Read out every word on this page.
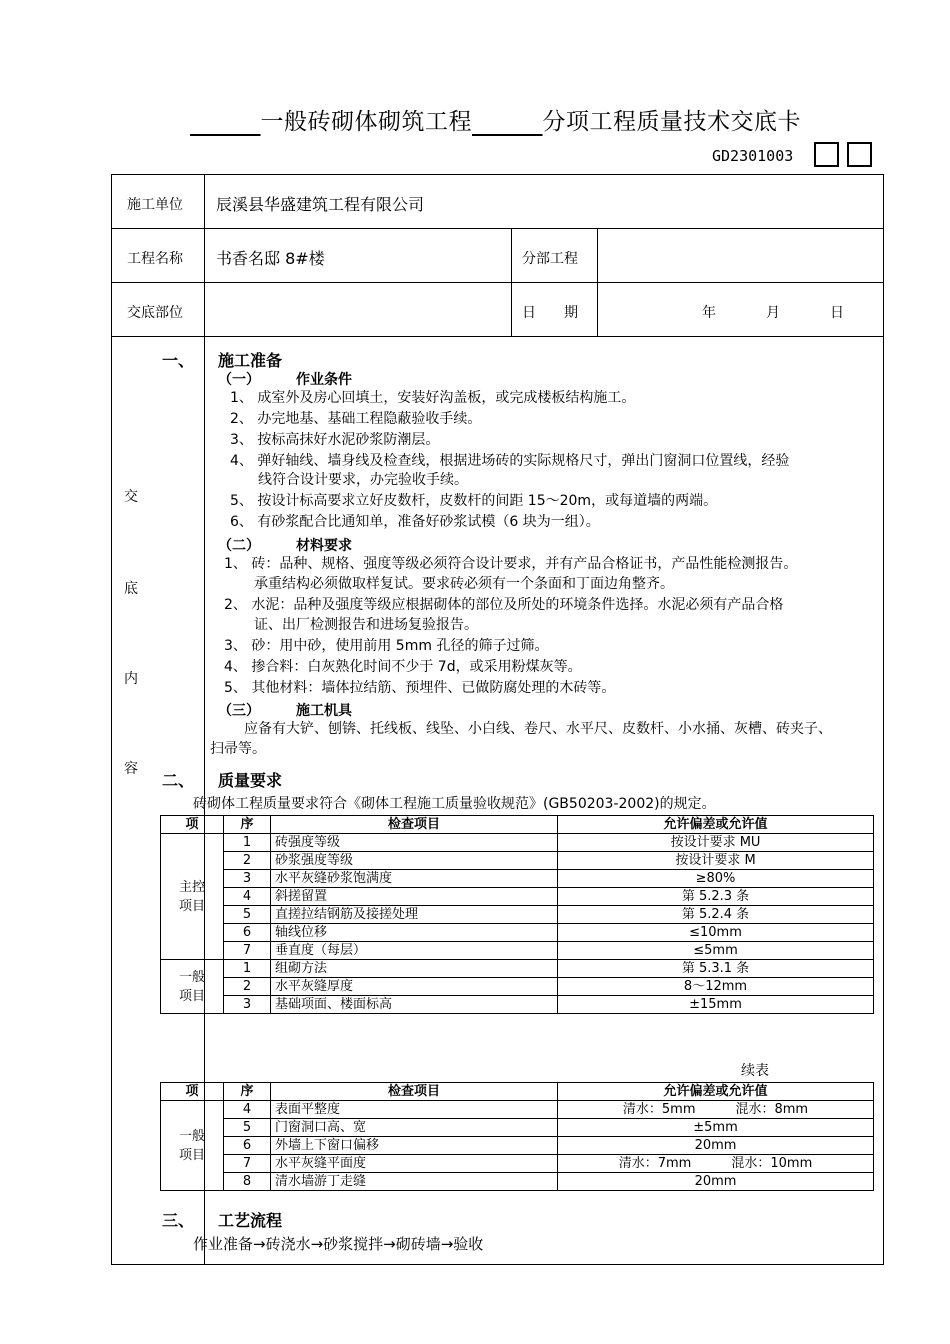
　　　一般砖砌体砌筑工程　　　	分项工程质量技术交底卡
GD2301003
施工单位 辰溪县华盛建筑工程有限公司
工程名称 书香名邸 8#楼	分部工程
交底部位	日　　期	年	月	日
交
底
内
容
一、 施工准备
（一）	作业条件
1、 成室外及房心回填土，安装好沟盖板，或完成楼板结构施工。
2、 办完地基、基础工程隐蔽验收手续。
3、 按标高抹好水泥砂浆防潮层。
4、 弹好轴线、墙身线及检查线，根据进场砖的实际规格尺寸，弹出门窗洞口位置线，经验
线符合设计要求，办完验收手续。
5、 按设计标高要求立好皮数杆，皮数杆的间距 15～20m，或每道墙的两端。
6、 有砂浆配合比通知单，准备好砂浆试模（6 块为一组）。
（二）	材料要求
1、 砖：品种、规格、强度等级必须符合设计要求，并有产品合格证书，产品性能检测报告。
承重结构必须做取样复试。要求砖必须有一个条面和丁面边角整齐。
2、 水泥：品种及强度等级应根据砌体的部位及所处的环境条件选择。水泥必须有产品合格
证、出厂检测报告和进场复验报告。
3、 砂：用中砂，使用前用 5mm 孔径的筛子过筛。
4、 掺合料：白灰熟化时间不少于 7d，或采用粉煤灰等。
5、 其他材料：墙体拉结筋、预埋件、已做防腐处理的木砖等。
（三）	施工机具
应备有大铲、刨锛、托线板、线坠、小白线、卷尺、水平尺、皮数杆、小水捅、灰槽、砖夹子、
扫帚等。
二、 质量要求
砖砌体工程质量要求符合《砌体工程施工质量验收规范》(GB50203-2002)的规定。
项	序	检查项目	允许偏差或允许值
主控
项目	1	砖强度等级	按设计要求 MU
	2	砂浆强度等级	按设计要求 M
	3	水平灰缝砂浆饱满度	≥80%
	4	斜搓留置	第 5.2.3 条
	5	直搓拉结钢筋及接搓处理	第 5.2.4 条
	6	轴线位移	≤10mm
	7	垂直度（每层）	≤5mm
一般
项目	1	组砌方法	第 5.3.1 条
	2	水平灰缝厚度	8～12mm
	3	基础项面、楼面标高	±15mm
续表
项	序	检查项目	允许偏差或允许值
一般
项目	4	表面平整度	清水：5mm 混水：8mm

	5	门窗洞口高、宽	±5mm
	6	外墙上下窗口偏移	20mm
	7	水平灰缝平面度	清水：7mm 混水：10mm

	8	清水墙游丁走缝	20mm
三、 工艺流程
作业准备→砖浇水→砂浆搅拌→砌砖墙→验收
